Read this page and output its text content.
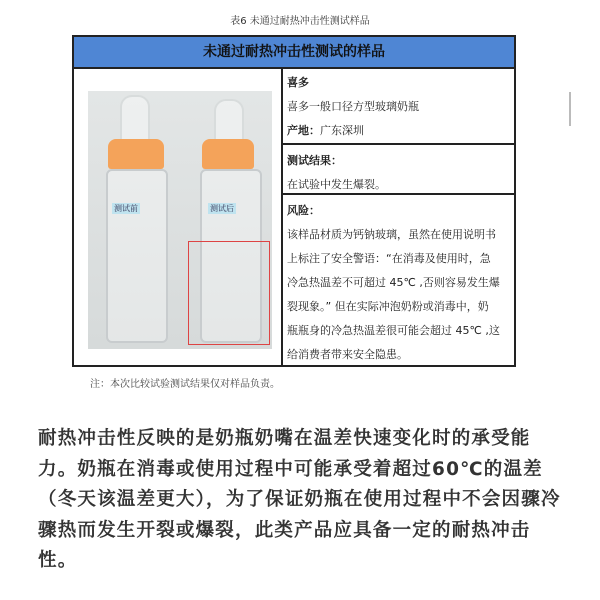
表6 未通过耐热冲击性测试样品
未通过耐热冲击性测试的样品
测试前	测试后
喜多
喜多一般口径方型玻璃奶瓶
产地：广东深圳
测试结果：
在试验中发生爆裂。
风险：
该样品材质为钙钠玻璃，虽然在使用说明书
上标注了安全警语：“在消毒及使用时，急
冷急热温差不可超过 45℃ ,否则容易发生爆
裂现象。” 但在实际冲泡奶粉或消毒中，奶
瓶瓶身的冷急热温差很可能会超过 45℃ ,这
给消费者带来安全隐患。
注：本次比较试验测试结果仅对样品负责。
耐热冲击性反映的是奶瓶奶嘴在温差快速变化时的承受能力。奶瓶在消毒或使用过程中可能承受着超过60℃的温差（冬天该温差更大），为了保证奶瓶在使用过程中不会因骤冷骤热而发生开裂或爆裂，此类产品应具备一定的耐热冲击性。
